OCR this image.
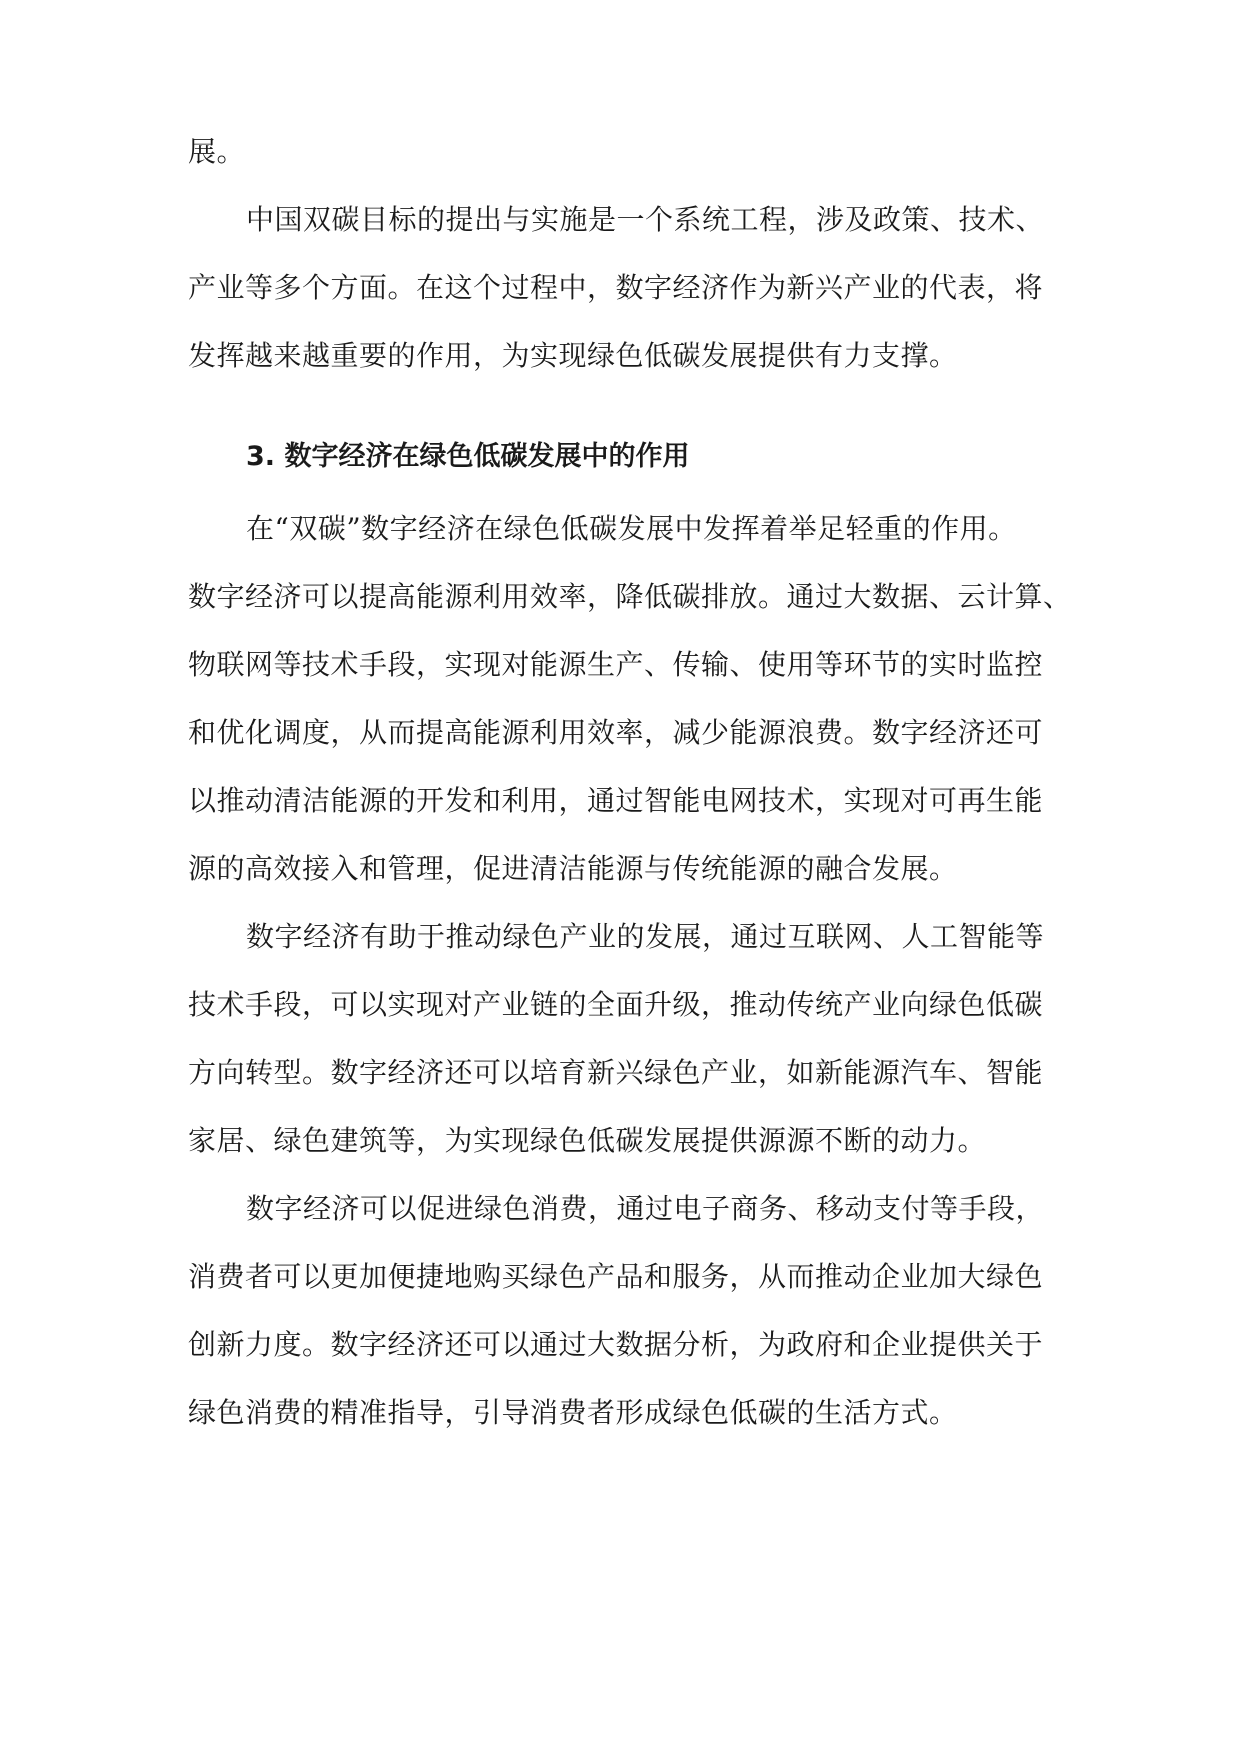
展。
中国双碳目标的提出与实施是一个系统工程，涉及政策、技术、
产业等多个方面。在这个过程中，数字经济作为新兴产业的代表，将
发挥越来越重要的作用，为实现绿色低碳发展提供有力支撑。
3. 数字经济在绿色低碳发展中的作用
在“双碳”数字经济在绿色低碳发展中发挥着举足轻重的作用。
数字经济可以提高能源利用效率，降低碳排放。通过大数据、云计算、
物联网等技术手段，实现对能源生产、传输、使用等环节的实时监控
和优化调度，从而提高能源利用效率，减少能源浪费。数字经济还可
以推动清洁能源的开发和利用，通过智能电网技术，实现对可再生能
源的高效接入和管理，促进清洁能源与传统能源的融合发展。
数字经济有助于推动绿色产业的发展，通过互联网、人工智能等
技术手段，可以实现对产业链的全面升级，推动传统产业向绿色低碳
方向转型。数字经济还可以培育新兴绿色产业，如新能源汽车、智能
家居、绿色建筑等，为实现绿色低碳发展提供源源不断的动力。
数字经济可以促进绿色消费，通过电子商务、移动支付等手段，
消费者可以更加便捷地购买绿色产品和服务，从而推动企业加大绿色
创新力度。数字经济还可以通过大数据分析，为政府和企业提供关于
绿色消费的精准指导，引导消费者形成绿色低碳的生活方式。
